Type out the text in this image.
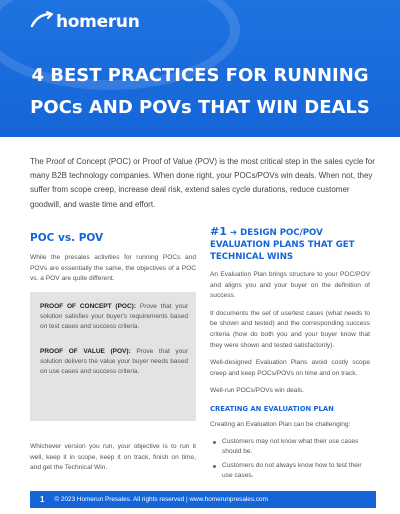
homerun
4 BEST PRACTICES FOR RUNNING
POCs AND POVs THAT WIN DEALS

The Proof of Concept (POC) or Proof of Value (POV) is the most critical step in the sales cycle for many B2B technology companies. When done right, your POCs/POVs win deals. When not, they suffer from scope creep, increase deal risk, extend sales cycle durations, reduce customer goodwill, and waste time and effort.

POC vs. POV

While the presales activities for running POCs and POVs are essentially the same, the objectives of a POC vs. a POV are quite different.

PROOF OF CONCEPT (POC): Prove that your solution satisfies your buyer's requirements based on test cases and success criteria.

PROOF OF VALUE (POV): Prove that your solution delivers the value your buyer needs based on use cases and success criteria.

Whichever version you run, your objective is to run it well, keep it in scope, keep it on track, finish on time, and get the Technical Win.

#1 ➔ DESIGN POC/POV EVALUATION PLANS THAT GET TECHNICAL WINS

An Evaluation Plan brings structure to your POC/POV and aligns you and your buyer on the definition of success.

It documents the set of use/test cases (what needs to be shown and tested) and the corresponding success criteria (how do both you and your buyer know that they were shown and tested satisfactorily).

Well-designed Evaluation Plans avoid costly scope creep and keep POCs/POVs on time and on track.

Well-run POCs/POVs win deals.

CREATING AN EVALUATION PLAN

Creating an Evaluation Plan can be challenging:

Customers may not know what their use cases should be.
Customers do not always know how to test their use cases.
1 © 2023 Homerun Presales. All rights reserved | www.homerunpresales.com
